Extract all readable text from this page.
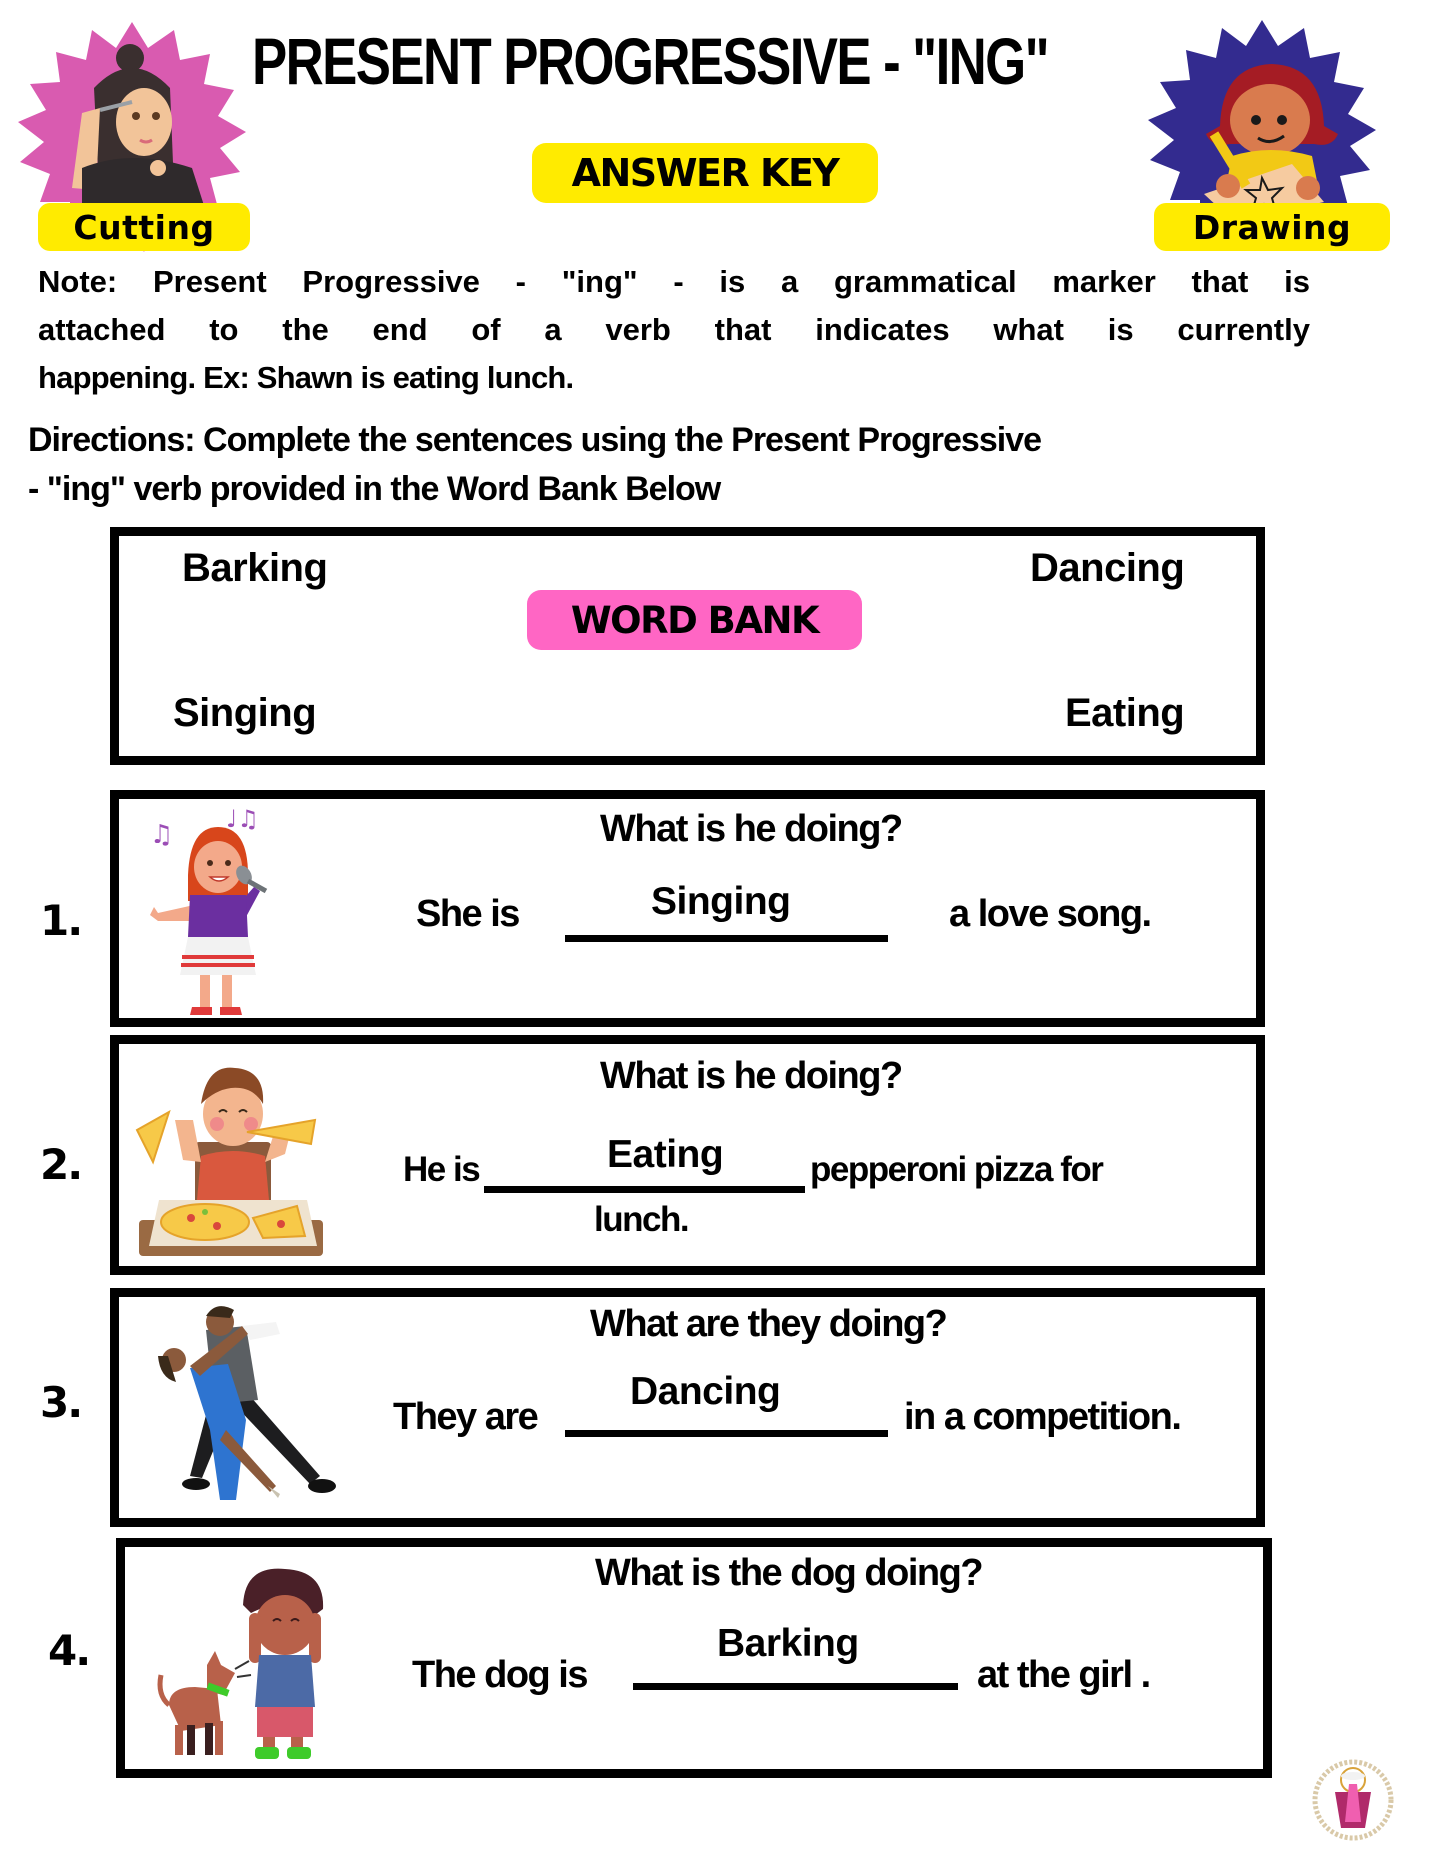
Cutting	Drawing
PRESENT PROGRESSIVE - "ING"
ANSWER KEY
Note: Present Progressive - "ing" - is a grammatical marker that is
attached to the end of a verb that indicates what is currently
happening. Ex: Shawn is eating lunch.
Directions: Complete the sentences using the Present Progressive
- "ing" verb provided in the Word Bank Below
Barking	Dancing
Singing	Eating
WORD BANK
1.
♫
♩♫	What is he doing?
She is	Singing	a love song.
2.
What is he doing?
He is	Eating pepperoni pizza for
lunch.
3.
What are they doing?
They are
Dancing
in a competition.
4.
What is the dog doing?
The dog is
Barking
at the girl .
